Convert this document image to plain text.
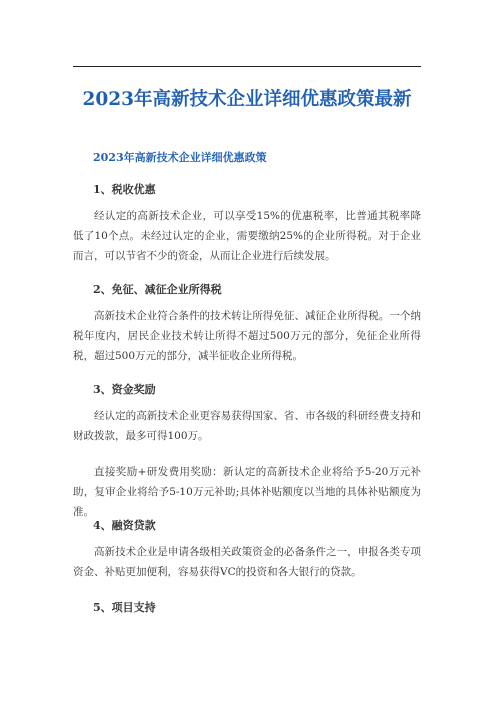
2023年高新技术企业详细优惠政策最新
2023年高新技术企业详细优惠政策
1、税收优惠

经认定的高新技术企业，可以享受15%的优惠税率，比普通其税率降低了10个点。未经过认定的企业，需要缴纳25%的企业所得税。对于企业而言，可以节省不少的资金，从而让企业进行后续发展。

2、免征、减征企业所得税

高新技术企业符合条件的技术转让所得免征、减征企业所得税。一个纳税年度内，居民企业技术转让所得不超过500万元的部分，免征企业所得税，超过500万元的部分，减半征收企业所得税。

3、资金奖励

经认定的高新技术企业更容易获得国家、省、市各级的科研经费支持和财政拨款，最多可得100万。

直接奖励+研发费用奖励：新认定的高新技术企业将给予5-20万元补助，复审企业将给予5-10万元补助;具体补贴额度以当地的具体补贴额度为准。

4、融资贷款

高新技术企业是申请各级相关政策资金的必备条件之一，申报各类专项资金、补贴更加便利，容易获得VC的投资和各大银行的贷款。

5、项目支持
